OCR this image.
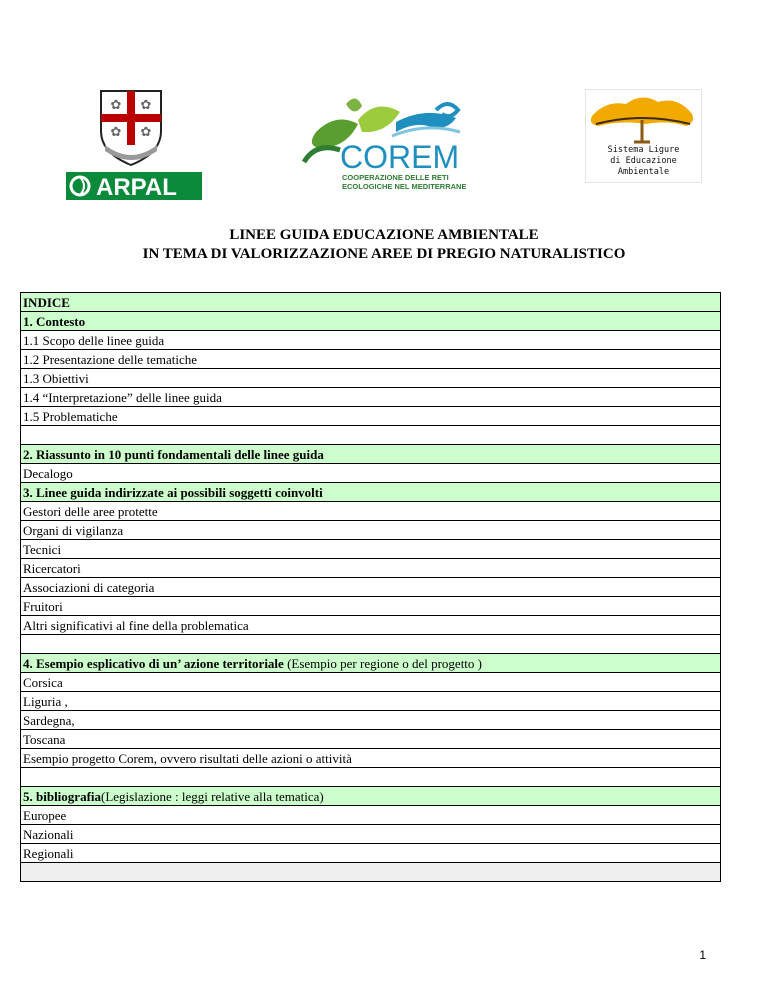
✿ ✿
✿ ✿
ARPAL
COREM
COOPERAZIONE DELLE RETI
ECOLOGICHE NEL MEDITERRANEO
Sistema Ligure
di Educazione
Ambientale
LINEE GUIDA EDUCAZIONE AMBIENTALE
IN TEMA DI VALORIZZAZIONE AREE DI PREGIO NATURALISTICO
INDICE
1. Contesto
1.1 Scopo delle linee guida
1.2 Presentazione delle tematiche
1.3 Obiettivi
1.4 “Interpretazione” delle linee guida
1.5 Problematiche

2. Riassunto in 10 punti fondamentali delle linee guida
Decalogo
3. Linee guida indirizzate ai possibili soggetti coinvolti
Gestori delle aree protette
Organi di vigilanza
Tecnici
Ricercatori
Associazioni di categoria
Fruitori
Altri significativi al fine della problematica

4. Esempio esplicativo di un’ azione territoriale (Esempio per regione o del progetto )
Corsica
Liguria ,
Sardegna,
Toscana
Esempio progetto Corem, ovvero risultati delle azioni o attività

5. bibliografia(Legislazione : leggi relative alla tematica)
Europee
Nazionali
Regionali

1
